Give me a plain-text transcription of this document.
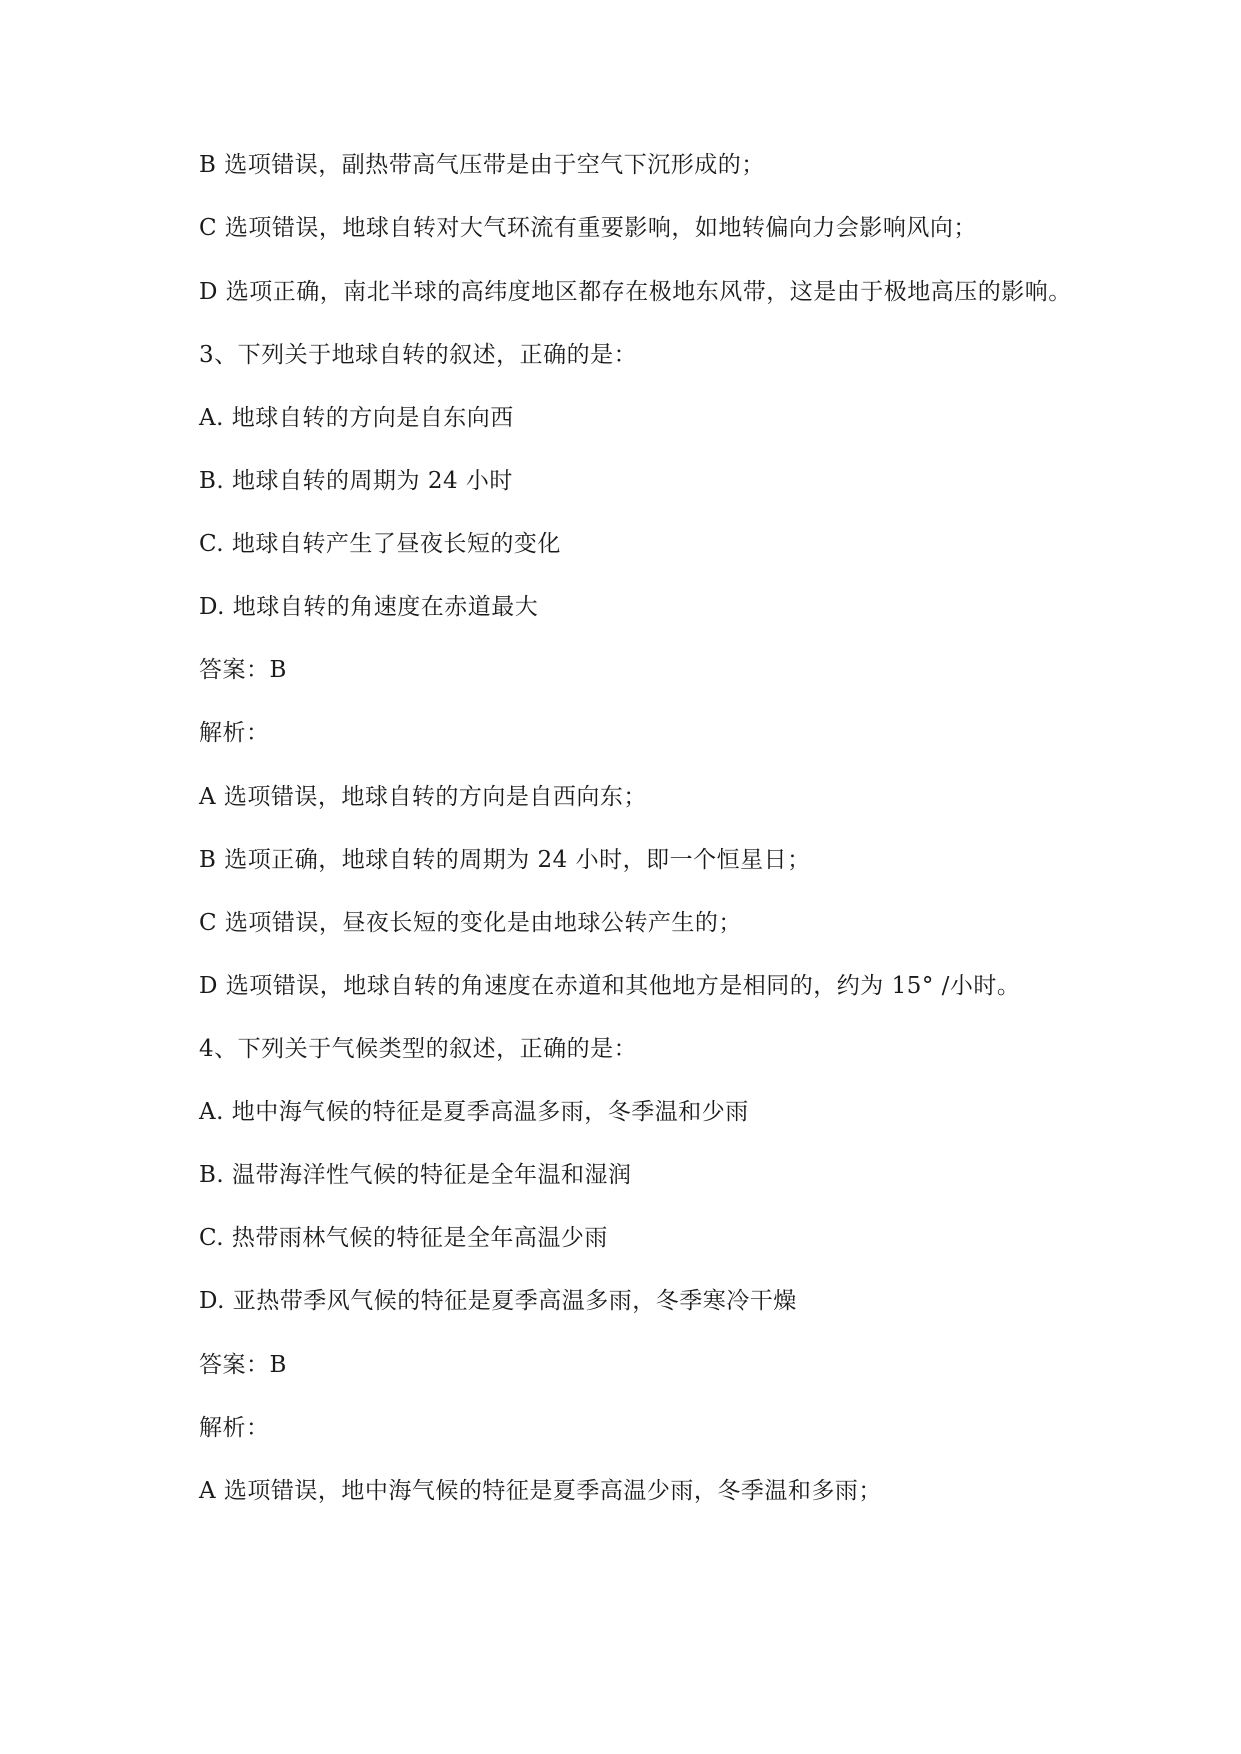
B 选项错误，副热带高气压带是由于空气下沉形成的；
C 选项错误，地球自转对大气环流有重要影响，如地转偏向力会影响风向；
D 选项正确，南北半球的高纬度地区都存在极地东风带，这是由于极地高压的影响。
3、下列关于地球自转的叙述，正确的是：
A. 地球自转的方向是自东向西
B. 地球自转的周期为 24 小时
C. 地球自转产生了昼夜长短的变化
D. 地球自转的角速度在赤道最大
答案：B
解析：
A 选项错误，地球自转的方向是自西向东；
B 选项正确，地球自转的周期为 24 小时，即一个恒星日；
C 选项错误，昼夜长短的变化是由地球公转产生的；
D 选项错误，地球自转的角速度在赤道和其他地方是相同的，约为 15° /小时。
4、下列关于气候类型的叙述，正确的是：
A. 地中海气候的特征是夏季高温多雨，冬季温和少雨
B. 温带海洋性气候的特征是全年温和湿润
C. 热带雨林气候的特征是全年高温少雨
D. 亚热带季风气候的特征是夏季高温多雨，冬季寒冷干燥
答案：B
解析：
A 选项错误，地中海气候的特征是夏季高温少雨，冬季温和多雨；
